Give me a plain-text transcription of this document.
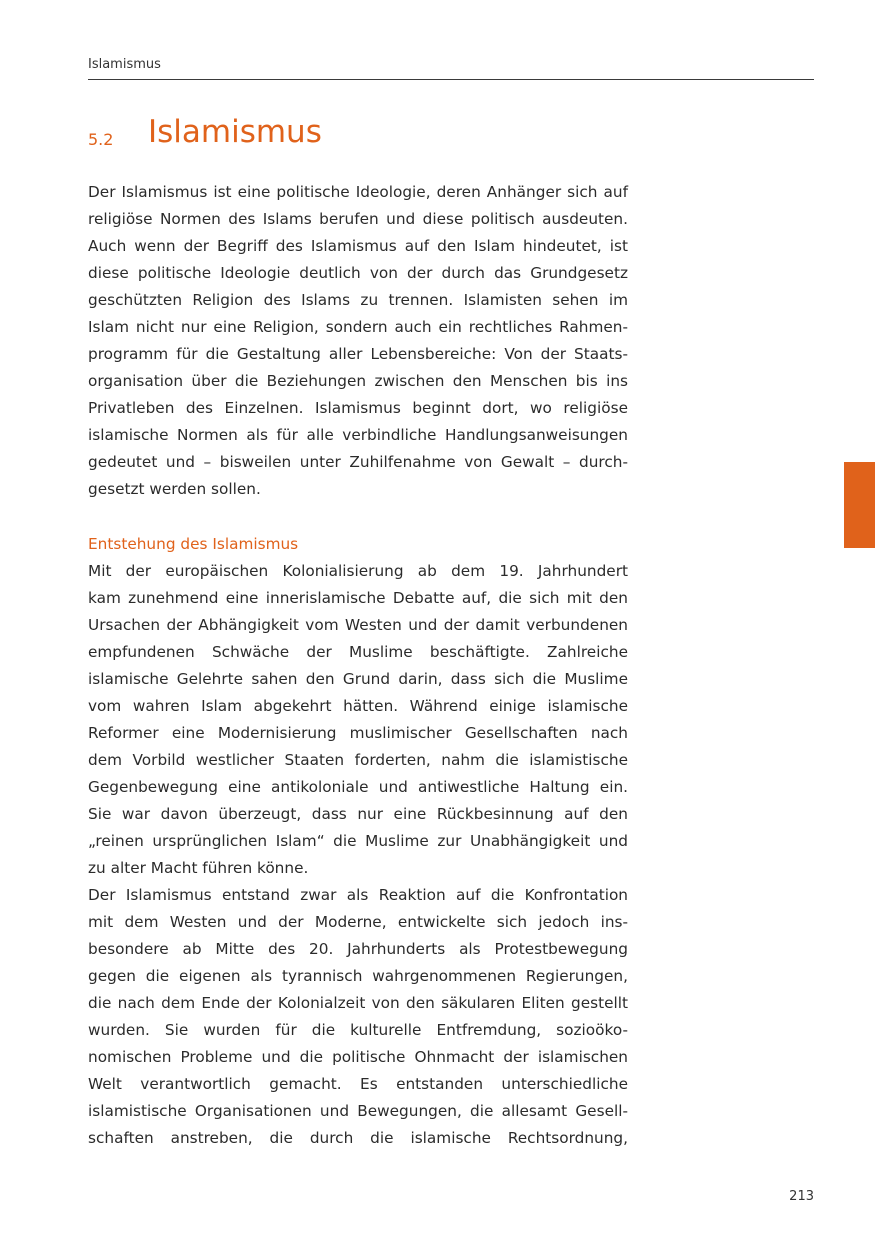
Islamismus
5.2 Islamismus
Der Islamismus ist eine politische Ideologie, deren Anhänger sich auf
religiöse Normen des Islams berufen und diese politisch ausdeuten.
Auch wenn der Begriff des Islamismus auf den Islam hindeutet, ist
diese politische Ideologie deutlich von der durch das Grundgesetz
geschützten Religion des Islams zu trennen. Islamisten sehen im
Islam nicht nur eine Religion, sondern auch ein rechtliches Rahmen-
programm für die Gestaltung aller Lebensbereiche: Von der Staats-
organisation über die Beziehungen zwischen den Menschen bis ins
Privatleben des Einzelnen. Islamismus beginnt dort, wo religiöse
islamische Normen als für alle verbindliche Handlungsanweisungen
gedeutet und – bisweilen unter Zuhilfenahme von Gewalt – durch-
gesetzt werden sollen.
Entstehung des Islamismus
Mit der europäischen Kolonialisierung ab dem 19. Jahrhundert
kam zunehmend eine innerislamische Debatte auf, die sich mit den
Ursachen der Abhängigkeit vom Westen und der damit verbundenen
empfundenen Schwäche der Muslime beschäftigte. Zahlreiche
islamische Gelehrte sahen den Grund darin, dass sich die Muslime
vom wahren Islam abgekehrt hätten. Während einige islamische
Reformer eine Modernisierung muslimischer Gesellschaften nach
dem Vorbild westlicher Staaten forderten, nahm die islamistische
Gegenbewegung eine antikoloniale und antiwestliche Haltung ein.
Sie war davon überzeugt, dass nur eine Rückbesinnung auf den
„reinen ursprünglichen Islam“ die Muslime zur Unabhängigkeit und
zu alter Macht führen könne.
Der Islamismus entstand zwar als Reaktion auf die Konfrontation
mit dem Westen und der Moderne, entwickelte sich jedoch ins-
besondere ab Mitte des 20. Jahrhunderts als Protestbewegung
gegen die eigenen als tyrannisch wahrgenommenen Regierungen,
die nach dem Ende der Kolonialzeit von den säkularen Eliten gestellt
wurden. Sie wurden für die kulturelle Entfremdung, sozioöko-
nomischen Probleme und die politische Ohnmacht der islamischen
Welt verantwortlich gemacht. Es entstanden unterschiedliche
islamistische Organisationen und Bewegungen, die allesamt Gesell-
schaften anstreben, die durch die islamische Rechtsordnung,
213
